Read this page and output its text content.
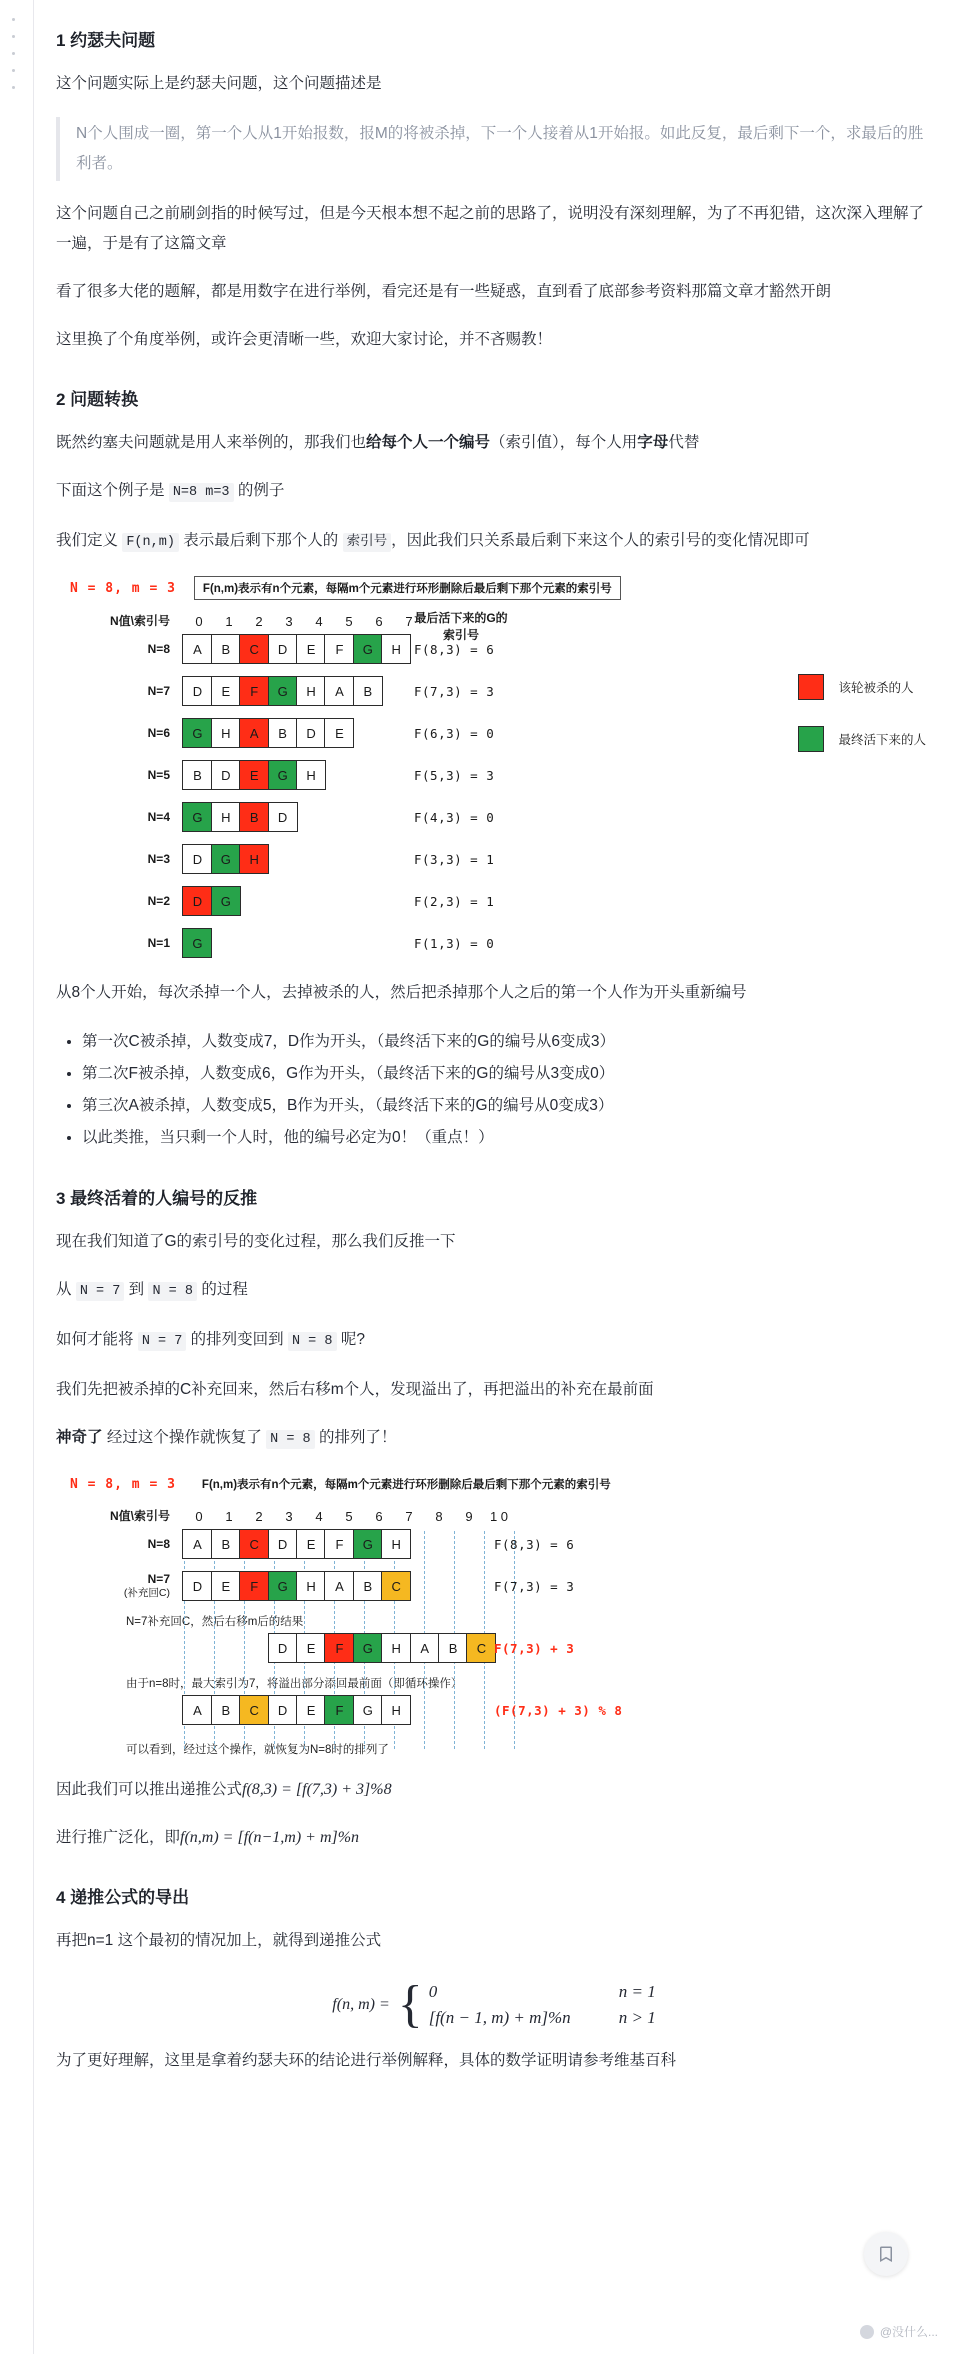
1 约瑟夫问题

这个问题实际上是约瑟夫问题，这个问题描述是

N个人围成一圈，第一个人从1开始报数，报M的将被杀掉，下一个人接着从1开始报。如此反复，最后剩下一个，求最后的胜利者。

这个问题自己之前刷剑指的时候写过，但是今天根本想不起之前的思路了，说明没有深刻理解，为了不再犯错，这次深入理解了一遍，于是有了这篇文章

看了很多大佬的题解，都是用数字在进行举例，看完还是有一些疑惑，直到看了底部参考资料那篇文章才豁然开朗

这里换了个角度举例，或许会更清晰一些，欢迎大家讨论，并不吝赐教！

2 问题转换

既然约塞夫问题就是用人来举例的，那我们也给每个人一个编号（索引值），每个人用字母代替

下面这个例子是 N=8 m=3 的例子

我们定义 F(n,m) 表示最后剩下那个人的 索引号 ，因此我们只关系最后剩下来这个人的索引号的变化情况即可

N = 8, m = 3	F(n,m)表示有n个元素，每隔m个元素进行环形删除后最后剩下那个元素的索引号
最后活下来的G的
索引号
N值\索引号	0	1	2	3	4	5	6	7
N=8	A	B	C	D	E	F	G	H	F(8,3) = 6
N=7	D	E	F	G	H	A	B	F(7,3) = 3
N=6	G	H	A	B	D	E	F(6,3) = 0
N=5	B	D	E	G	H	F(5,3) = 3
N=4	G	H	B	D	F(4,3) = 0
N=3	D	G	H	F(3,3) = 1
N=2	D	G	F(2,3) = 1
N=1	G	F(1,3) = 0
该轮被杀的人
最终活下来的人

从8个人开始，每次杀掉一个人，去掉被杀的人，然后把杀掉那个人之后的第一个人作为开头重新编号

• 第一次C被杀掉，人数变成7，D作为开头，（最终活下来的G的编号从6变成3）
• 第二次F被杀掉，人数变成6，G作为开头，（最终活下来的G的编号从3变成0）
• 第三次A被杀掉，人数变成5，B作为开头，（最终活下来的G的编号从0变成3）
• 以此类推，当只剩一个人时，他的编号必定为0！（重点！）
3 最终活着的人编号的反推

现在我们知道了G的索引号的变化过程，那么我们反推一下

从 N = 7 到 N = 8 的过程

如何才能将 N = 7 的排列变回到 N = 8 呢?

我们先把被杀掉的C补充回来，然后右移m个人，发现溢出了，再把溢出的补充在最前面

神奇了 经过这个操作就恢复了 N = 8 的排列了！

N = 8, m = 3	F(n,m)表示有n个元素，每隔m个元素进行环形删除后最后剩下那个元素的索引号
N值\索引号	0	1	2	3	4	5	6	7	8	9	1 0
N=8	A	B	C	D	E	F	G	H	F(8,3) = 6
N=7
(补充回C)	D	E	F	G	H	A	B	C	F(7,3) = 3
N=7补充回C，然后右移m后的结果
D	E	F	G	H	A	B	C F(7,3) + 3
由于n=8时，最大索引为7，将溢出部分添回最前面（即循环操作）
A	B	C	D	E	F	G	H	(F(7,3) + 3) % 8
可以看到，经过这个操作，就恢复为N=8时的排列了

因此我们可以推出递推公式f(8,3) = [f(7,3) + 3]%8

进行推广泛化，即f(n,m) = [f(n−1,m) + m]%n

4 递推公式的导出

再把n=1 这个最初的情况加上，就得到递推公式

f(n, m) = { 0	n = 1
[f(n − 1, m) + m]%n	n > 1

为了更好理解，这里是拿着约瑟夫环的结论进行举例解释，具体的数学证明请参考维基百科

@没什么...
